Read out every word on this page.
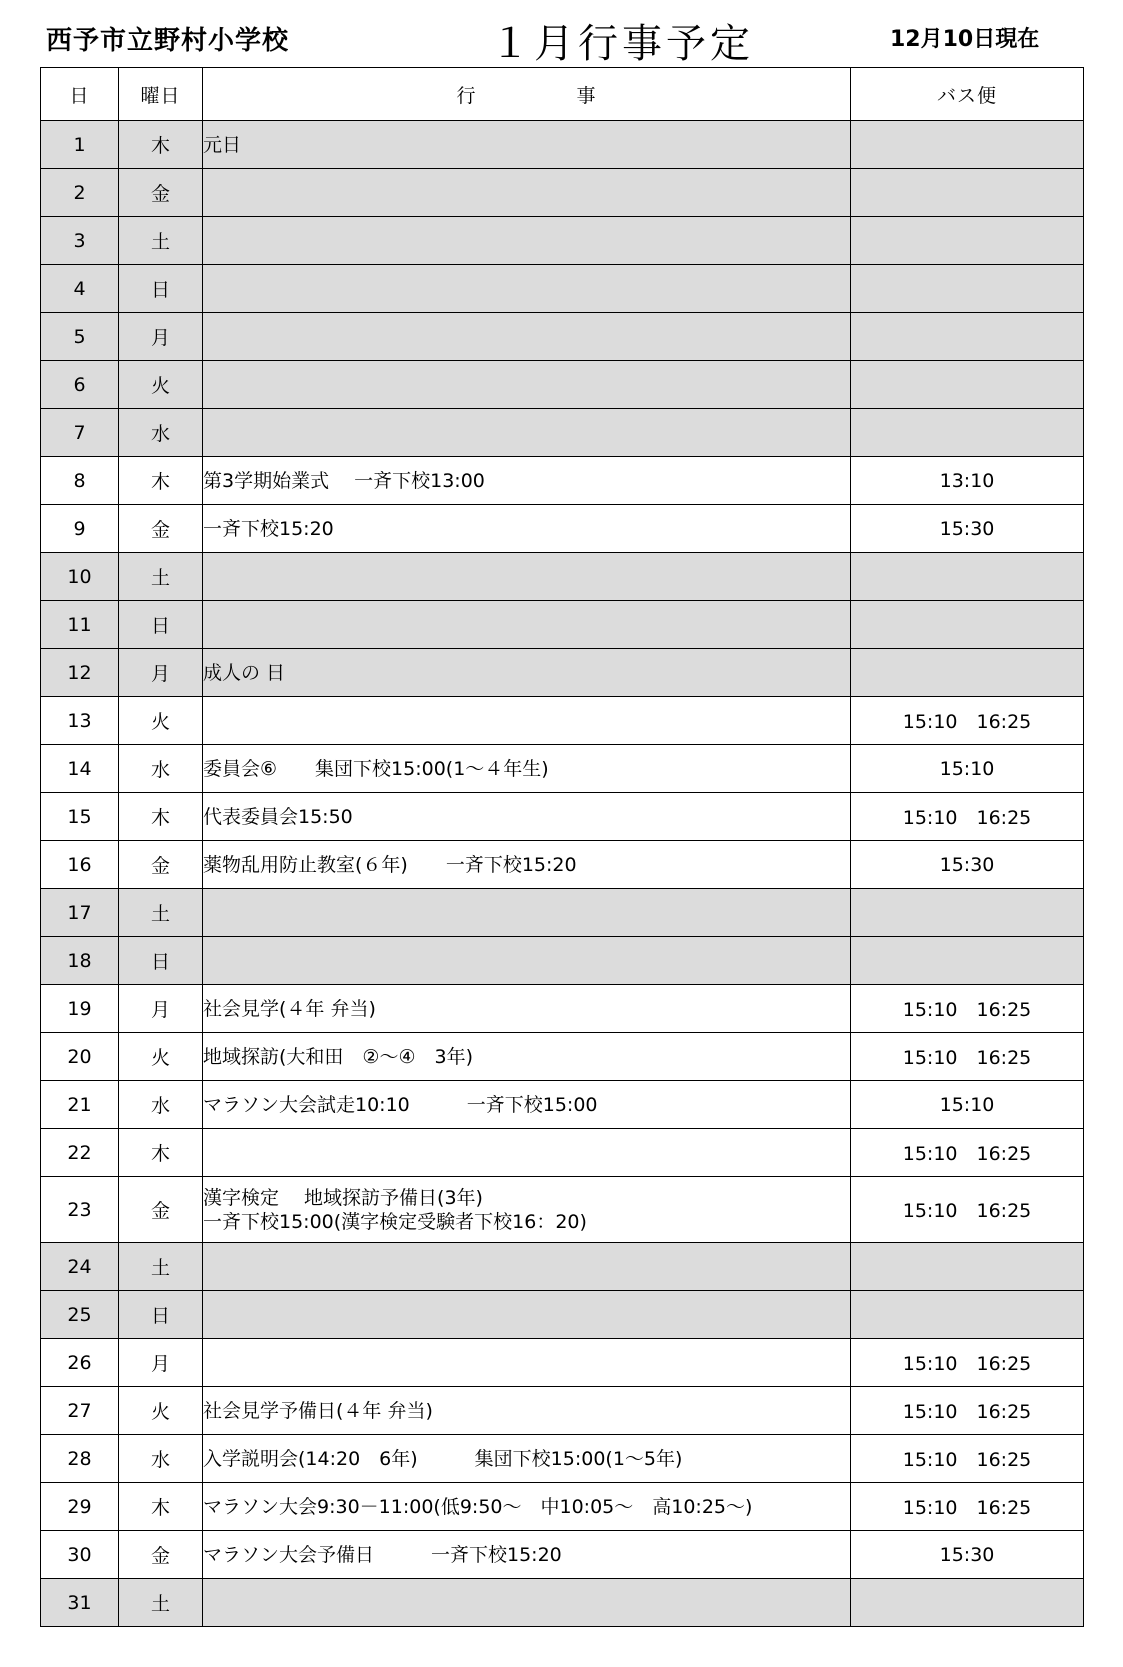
西予市立野村小学校	１月行事予定	12月10日現在
日	曜日	行　　　　　事	バス便
1	木	元日	

2	金	

3	土	

4	日	

5	月	

6	火	

7	水	

8	木	第3学期始業式　 一斉下校13:00	13:10
9	金	一斉下校15:20	15:30
10	土	

11	日	

12	月	成人の 日	

13	火		15:10　16:25
14	水	委員会⑥　　集団下校15:00(1～４年生)	15:10
15	木	代表委員会15:50	15:10　16:25
16	金	薬物乱用防止教室(６年)　　一斉下校15:20	15:30
17	土	

18	日	

19	月	社会見学(４年 弁当)	15:10　16:25
20	火	地域探訪(大和田　②～④　3年)	15:10　16:25
21	水	マラソン大会試走10:10　　　一斉下校15:00	15:10
22	木		15:10　16:25
23	金	漢字検定　 地域探訪予備日(3年)
一斉下校15:00(漢字検定受験者下校16：20)	15:10　16:25
24	土	

25	日	

26	月		15:10　16:25
27	火	社会見学予備日(４年 弁当)	15:10　16:25
28	水	入学説明会(14:20　6年)　　　集団下校15:00(1～5年)	15:10　16:25
29	木	マラソン大会9:30－11:00(低9:50～　中10:05～　高10:25～)	15:10　16:25
30	金	マラソン大会予備日　　　一斉下校15:20	15:30
31	土	
